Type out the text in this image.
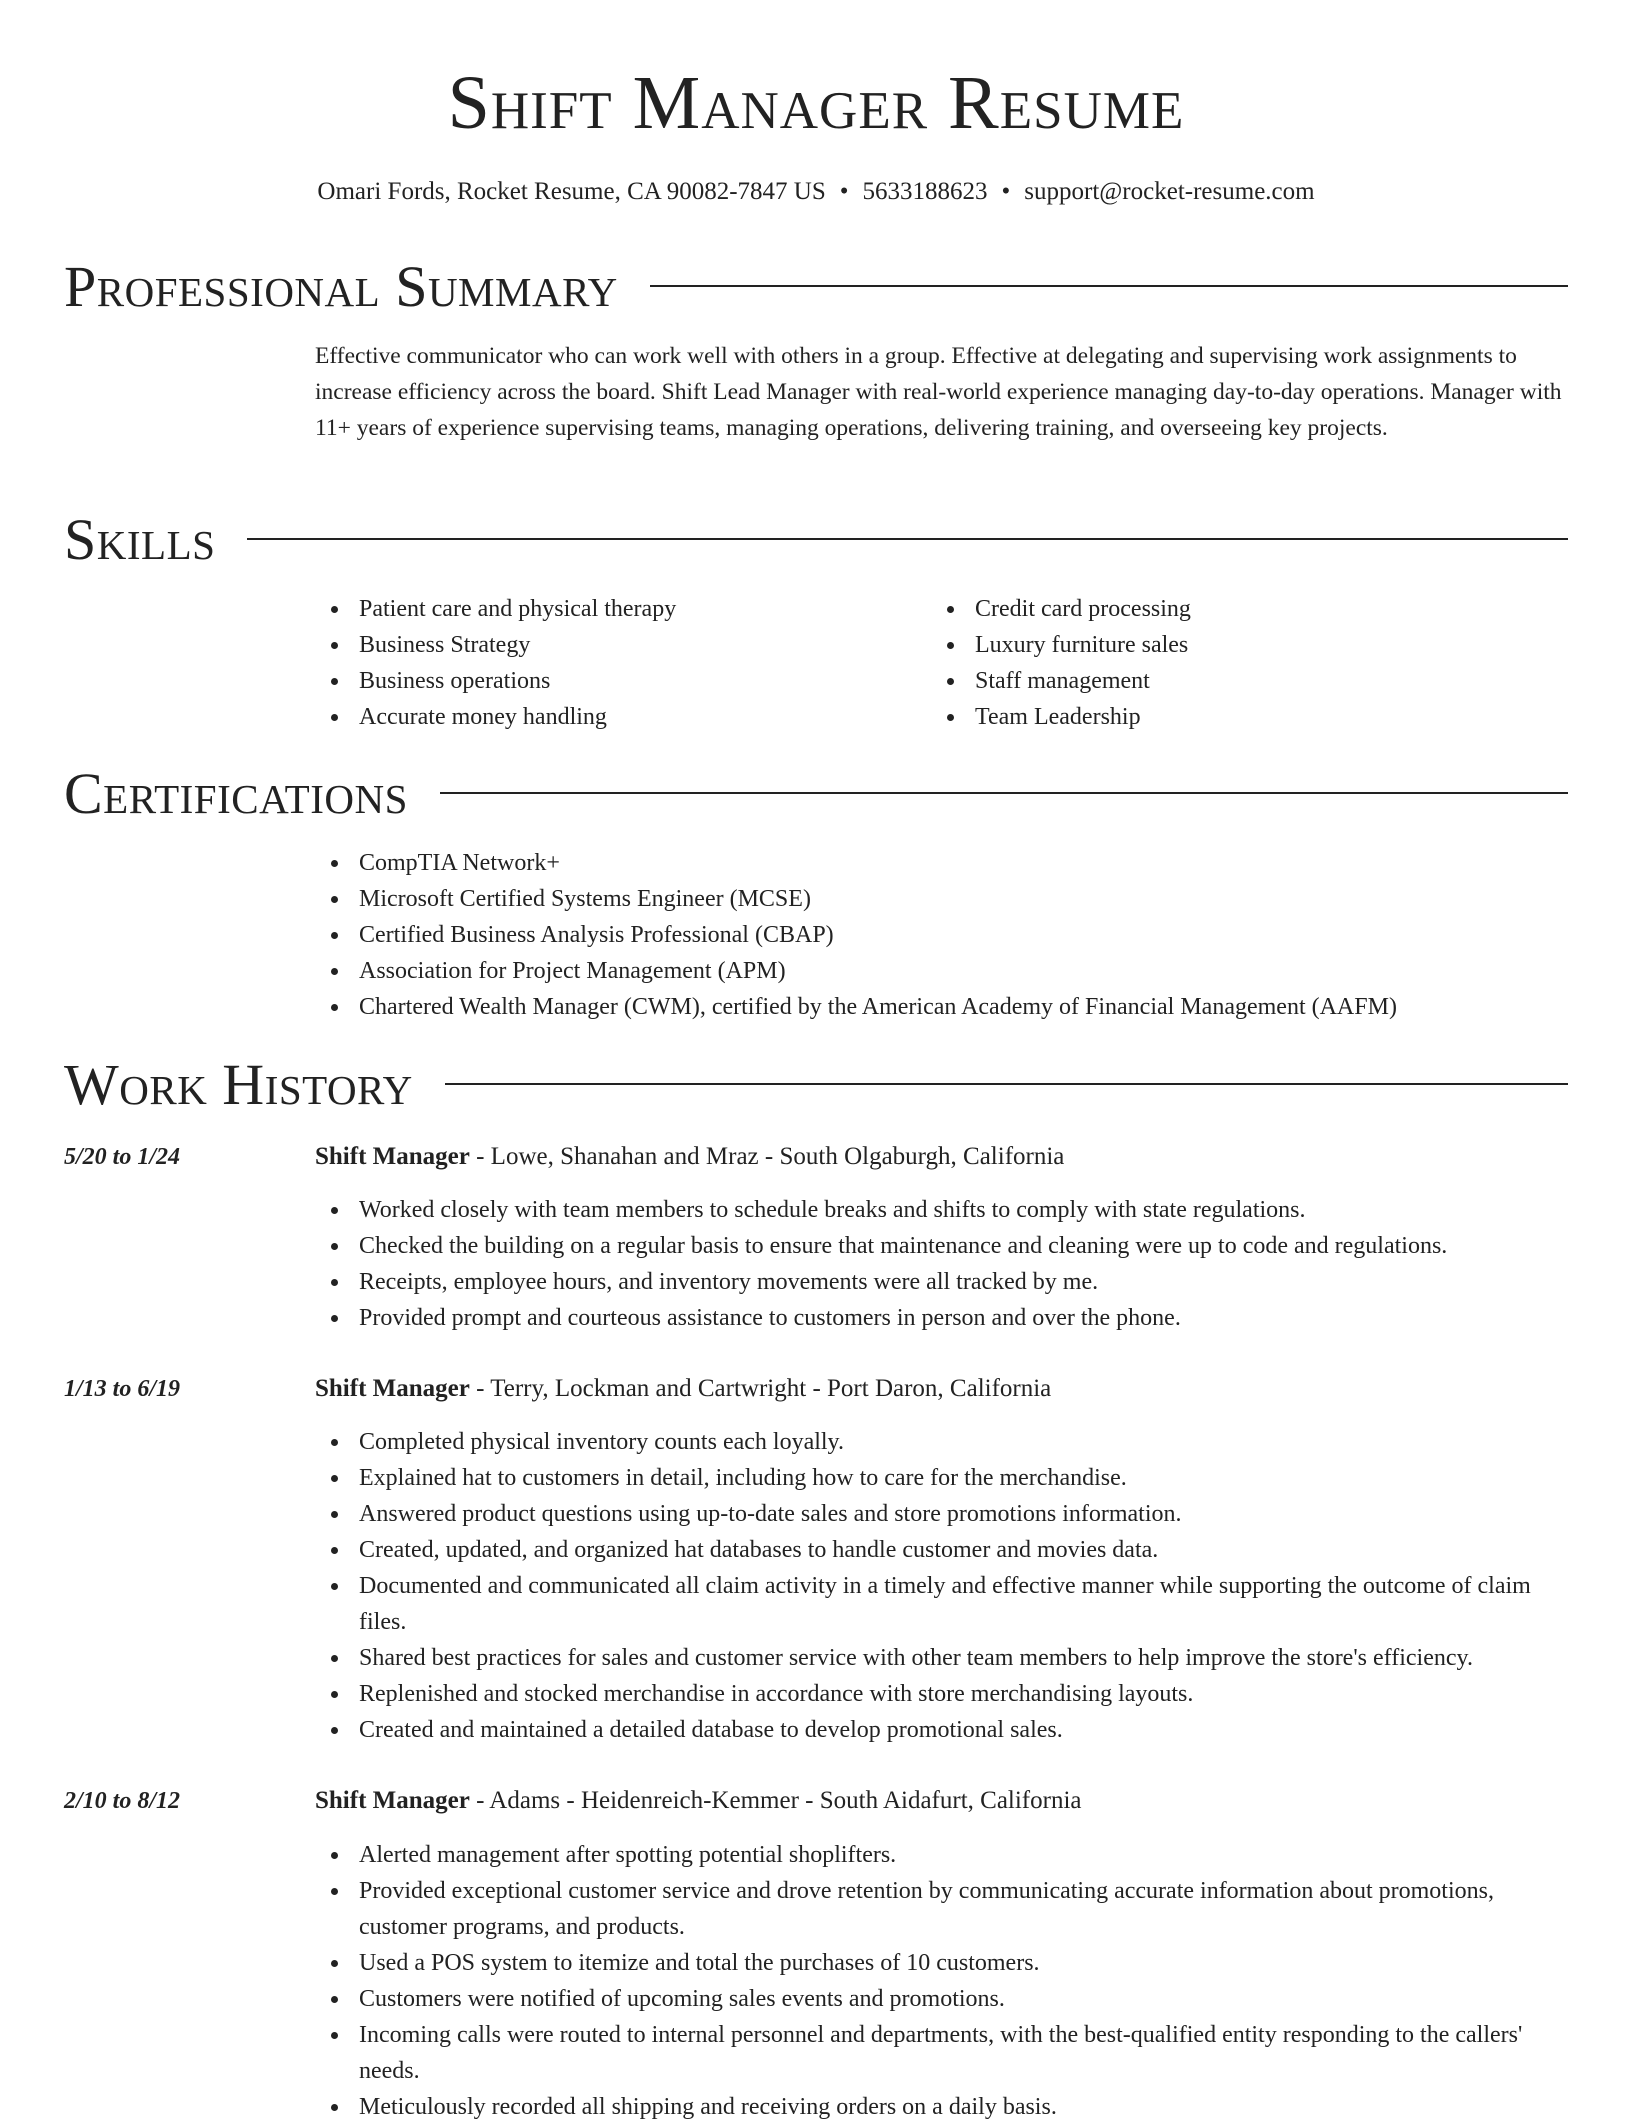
Shift Manager Resume

Omari Fords, Rocket Resume, CA 90082-7847 US • 5633188623 • support@rocket-resume.com

Professional Summary

Effective communicator who can work well with others in a group. Effective at delegating and supervising work assignments to increase efficiency across the board. Shift Lead Manager with real-world experience managing day-to-day operations. Manager with 11+ years of experience supervising teams, managing operations, delivering training, and overseeing key projects.

Skills
Patient care and physical therapy
Business Strategy
Business operations
Accurate money handling
Credit card processing
Luxury furniture sales
Staff management
Team Leadership
Certifications
CompTIA Network+
Microsoft Certified Systems Engineer (MCSE)
Certified Business Analysis Professional (CBAP)
Association for Project Management (APM)
Chartered Wealth Manager (CWM), certified by the American Academy of Financial Management (AAFM)
Work History
5/20 to 1/24	Shift Manager - Lowe, Shanahan and Mraz - South Olgaburgh, California
Worked closely with team members to schedule breaks and shifts to comply with state regulations.
Checked the building on a regular basis to ensure that maintenance and cleaning were up to code and regulations.
Receipts, employee hours, and inventory movements were all tracked by me.
Provided prompt and courteous assistance to customers in person and over the phone.
1/13 to 6/19	Shift Manager - Terry, Lockman and Cartwright - Port Daron, California
Completed physical inventory counts each loyally.
Explained hat to customers in detail, including how to care for the merchandise.
Answered product questions using up-to-date sales and store promotions information.
Created, updated, and organized hat databases to handle customer and movies data.
Documented and communicated all claim activity in a timely and effective manner while supporting the outcome of claim files.
Shared best practices for sales and customer service with other team members to help improve the store's efficiency.
Replenished and stocked merchandise in accordance with store merchandising layouts.
Created and maintained a detailed database to develop promotional sales.
2/10 to 8/12	Shift Manager - Adams - Heidenreich-Kemmer - South Aidafurt, California
Alerted management after spotting potential shoplifters.
Provided exceptional customer service and drove retention by communicating accurate information about promotions, customer programs, and products.
Used a POS system to itemize and total the purchases of 10 customers.
Customers were notified of upcoming sales events and promotions.
Incoming calls were routed to internal personnel and departments, with the best-qualified entity responding to the callers' needs.
Meticulously recorded all shipping and receiving orders on a daily basis.
